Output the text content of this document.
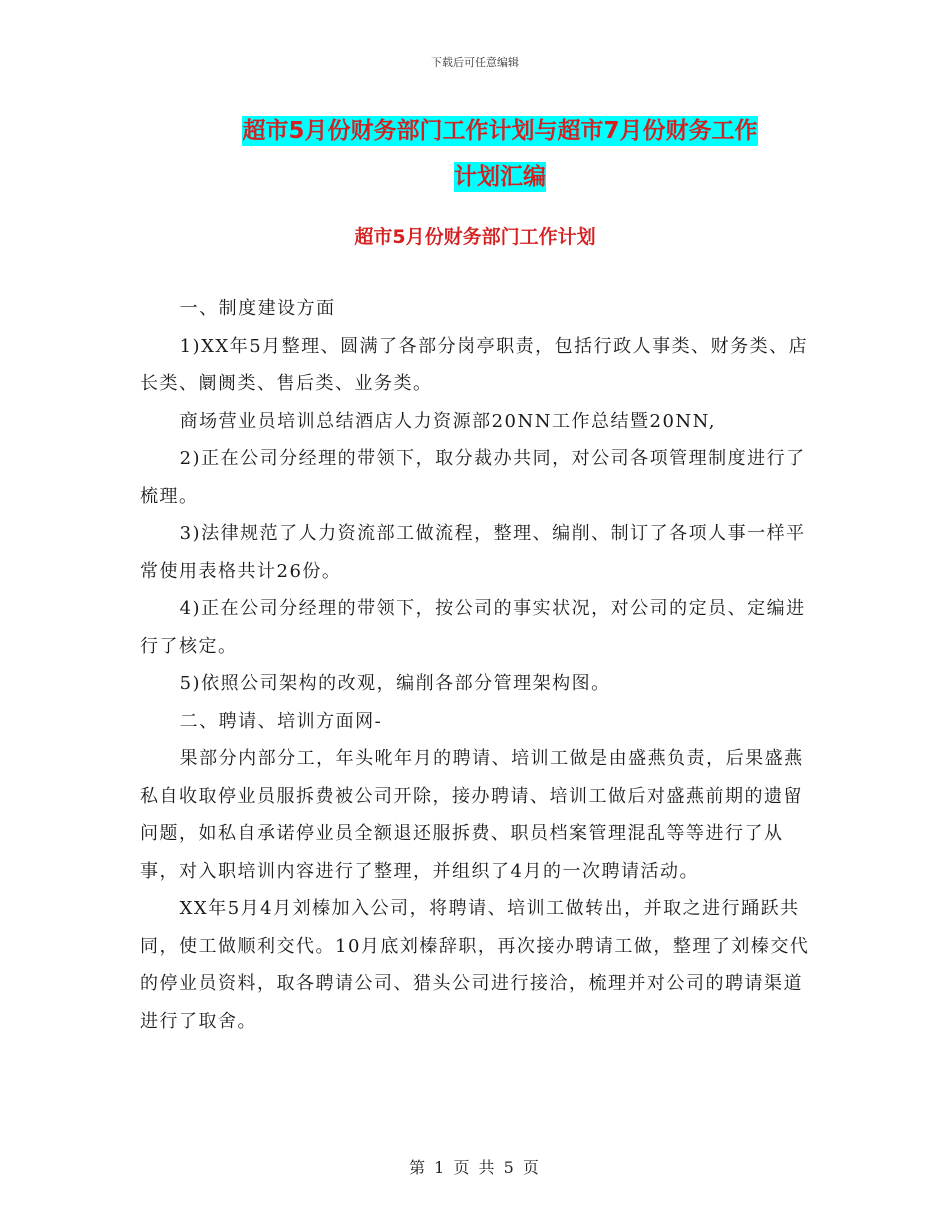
下载后可任意编辑
超市5月份财务部门工作计划与超市7月份财务工作
计划汇编
超市5月份财务部门工作计划

一、制度建设方面

1)XX年5月整理、圆满了各部分岗亭职责，包括行政人事类、财务类、店长类、阛阓类、售后类、业务类。

商场营业员培训总结酒店人力资源部20NN工作总结暨20NN,

2)正在公司分经理的带领下，取分裁办共同，对公司各项管理制度进行了梳理。

3)法律规范了人力资流部工做流程，整理、编削、制订了各项人事一样平常使用表格共计26份。

4)正在公司分经理的带领下，按公司的事实状况，对公司的定员、定编进行了核定。

5)依照公司架构的改观，编削各部分管理架构图。

二、聘请、培训方面网-

果部分内部分工，年头吪年月的聘请、培训工做是由盛燕负责，后果盛燕私自收取停业员服拆费被公司开除，接办聘请、培训工做后对盛燕前期的遗留问题，如私自承诺停业员全额退还服拆费、职员档案管理混乱等等进行了从事，对入职培训内容进行了整理，并组织了4月的一次聘请活动。

XX年5月4月刘榛加入公司，将聘请、培训工做转出，并取之进行踊跃共同，使工做顺利交代。10月底刘榛辞职，再次接办聘请工做，整理了刘榛交代的停业员资料，取各聘请公司、猎头公司进行接洽，梳理并对公司的聘请渠道进行了取舍。

第 1 页 共 5 页
